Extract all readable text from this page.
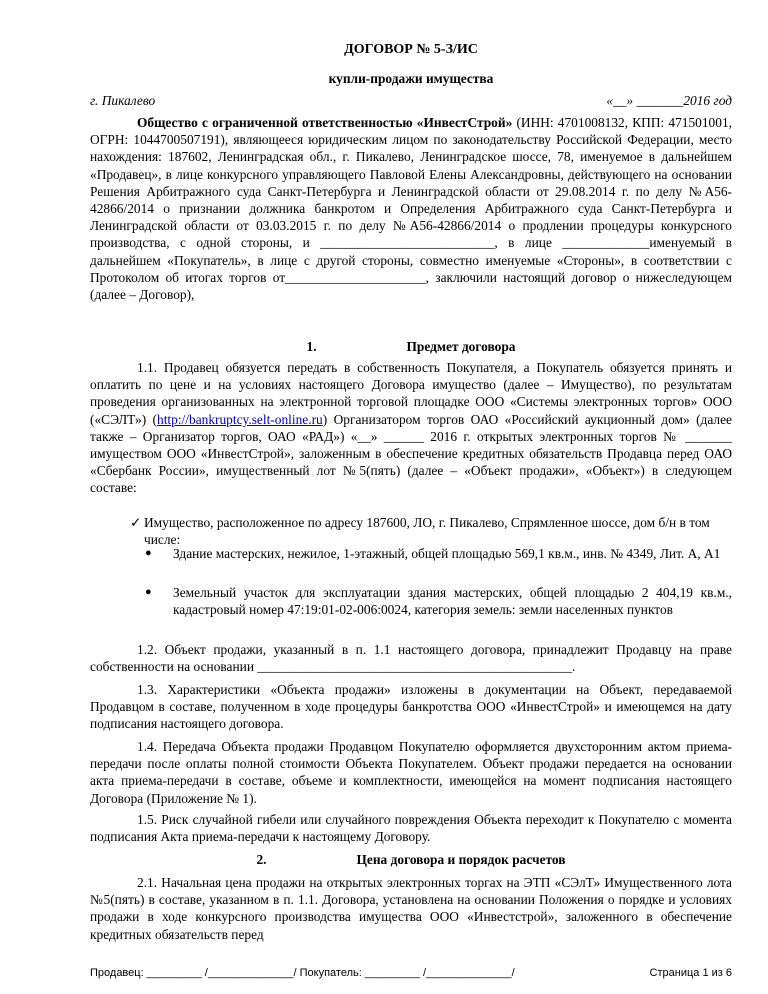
ДОГОВОР № 5-З/ИС
купли-продажи имущества
г. Пикалево	«__» _______2016 год

Общество с ограниченной ответственностью «ИнвестСтрой» (ИНН: 4701008132, КПП: 471501001, ОГРН: 1044700507191), являющееся юридическим лицом по законодательству Российской Федерации, место нахождения: 187602, Ленинградская обл., г. Пикалево, Ленинградское шоссе, 78, именуемое в дальнейшем «Продавец», в лице конкурсного управляющего Павловой Елены Александровны, действующего на основании Решения Арбитражного суда Санкт-Петербурга и Ленинградской области от 29.08.2014 г. по делу №А56-42866/2014 о признании должника банкротом и Определения Арбитражного суда Санкт-Петербурга и Ленинградской области от 03.03.2015 г. по делу №А56-42866/2014 о продлении процедуры конкурсного производства, с одной стороны, и __________________________, в лице _____________именуемый в дальнейшем «Покупатель», в лице с другой стороны, совместно именуемые «Стороны», в соответствии с Протоколом об итогах торгов от_____________________, заключили настоящий договор о нижеследующем (далее – Договор),

1.	Предмет договора

1.1. Продавец обязуется передать в собственность Покупателя, а Покупатель обязуется принять и оплатить по цене и на условиях настоящего Договора имущество (далее – Имущество), по результатам проведения организованных на электронной торговой площадке ООО «Системы электронных торгов» ООО («СЭЛТ») (http://bankruptcy.selt-online.ru) Организатором торгов ОАО «Российский аукционный дом» (далее также – Организатор торгов, ОАО «РАД») «__» ______ 2016 г. открытых электронных торгов № _______ имуществом ООО «ИнвестСтрой», заложенным в обеспечение кредитных обязательств Продавца перед ОАО «Сбербанк России», имущественный лот №5(пять) (далее – «Объект продажи», «Объект») в следующем составе:

✓ Имущество, расположенное по адресу 187600, ЛО, г. Пикалево, Спрямленное шоссе, дом б/н в том числе:

● Здание мастерских, нежилое, 1-этажный, общей площадью 569,1 кв.м., инв. № 4349, Лит. А, А1

● Земельный участок для эксплуатации здания мастерских, общей площадью 2 404,19 кв.м., кадастровый номер 47:19:01-02-006:0024, категория земель: земли населенных пунктов

1.2. Объект продажи, указанный в п. 1.1 настоящего договора, принадлежит Продавцу на праве собственности на основании _______________________________________________.

1.3. Характеристики «Объекта продажи» изложены в документации на Объект, передаваемой Продавцом в составе, полученном в ходе процедуры банкротства ООО «ИнвестСтрой» и имеющемся на дату подписания настоящего договора.

1.4. Передача Объекта продажи Продавцом Покупателю оформляется двухсторонним актом приема-передачи после оплаты полной стоимости Объекта Покупателем. Объект продажи передается на основании акта приема-передачи в составе, объеме и комплектности, имеющейся на момент подписания настоящего Договора (Приложение № 1).

1.5. Риск случайной гибели или случайного повреждения Объекта переходит к Покупателю с момента подписания Акта приема-передачи к настоящему Договору.

2.	Цена договора и порядок расчетов

2.1. Начальная цена продажи на открытых электронных торгах на ЭТП «СЭлТ» Имущественного лота №5(пять) в составе, указанном в п. 1.1. Договора, установлена на основании Положения о порядке и условиях продажи в ходе конкурсного производства имущества ООО «Инвестстрой», заложенного в обеспечение кредитных обязательств перед

Продавец: _________ /______________/ Покупатель: _________ /______________/	Страница 1 из 6
